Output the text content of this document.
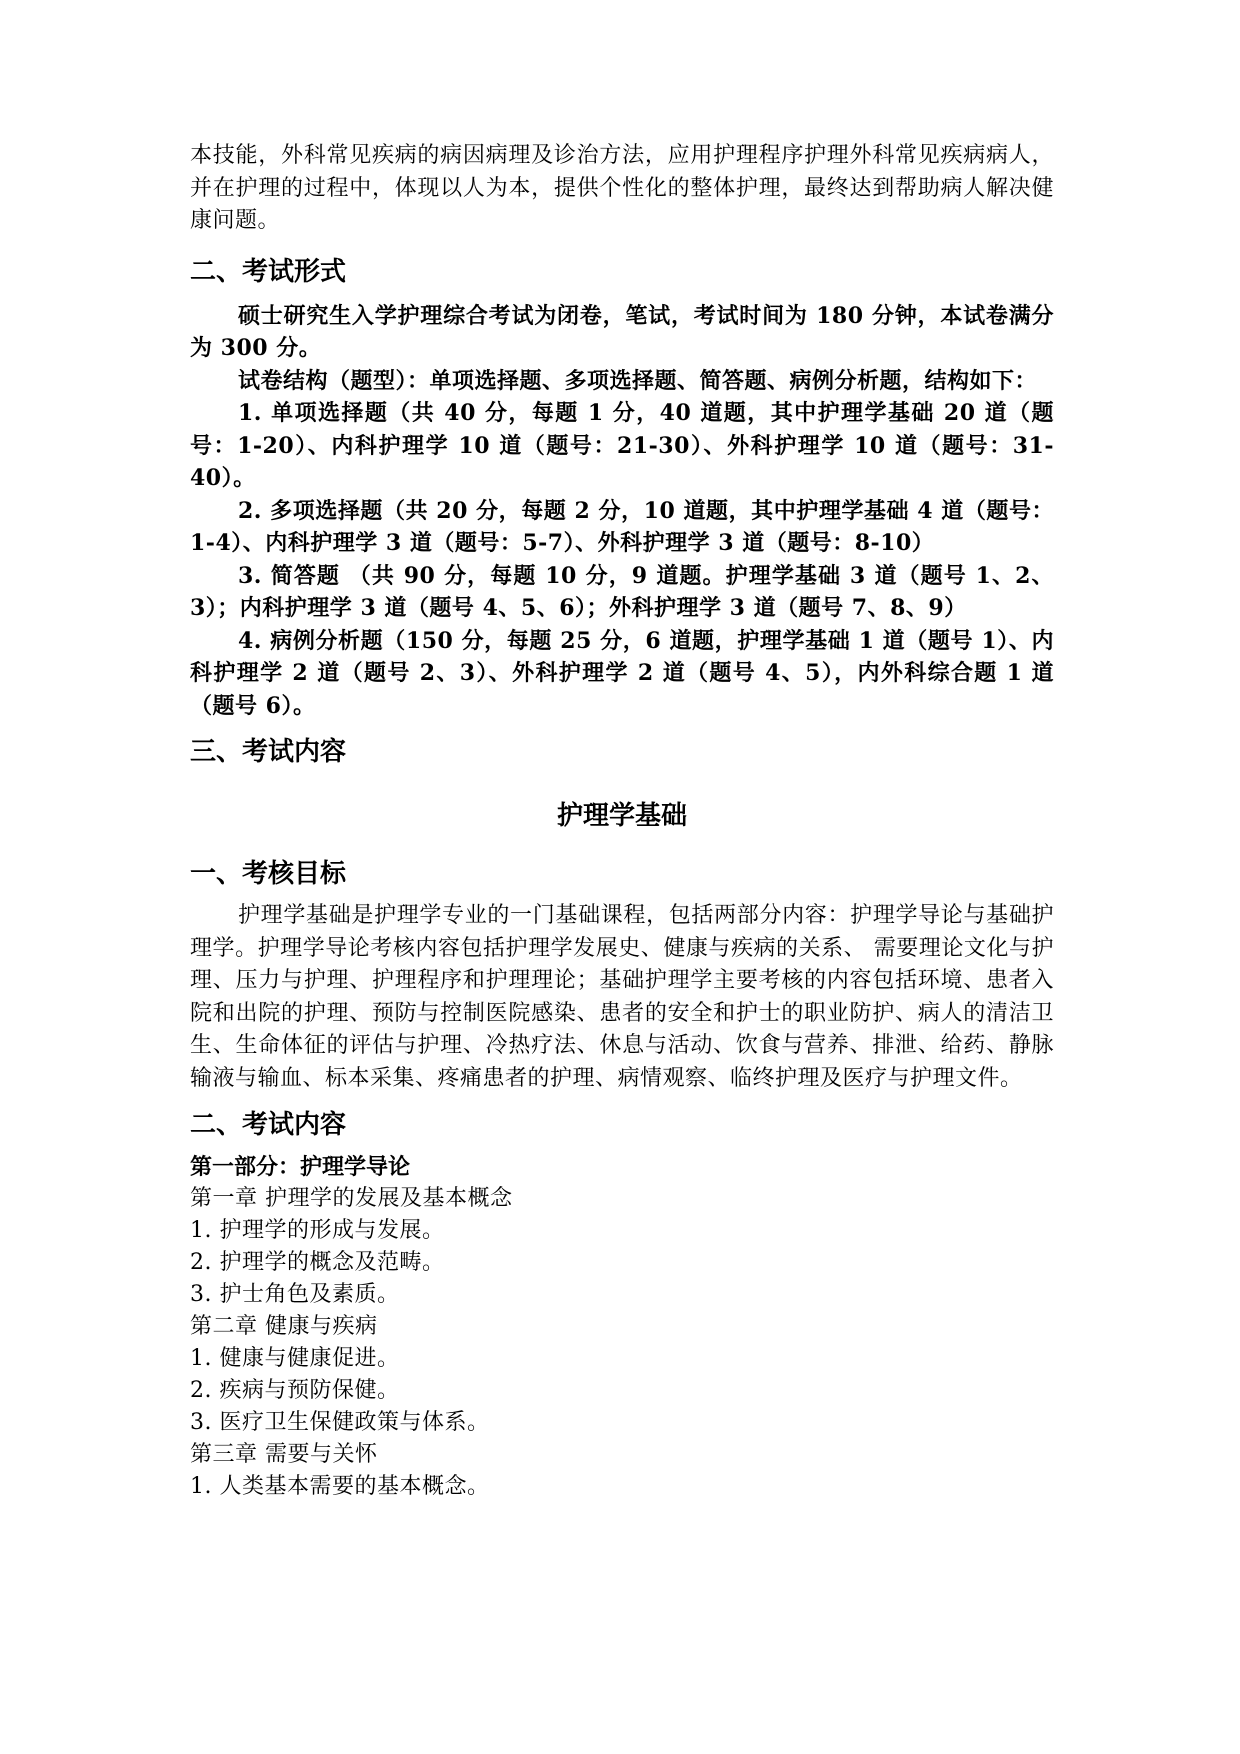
本技能，外科常见疾病的病因病理及诊治方法，应用护理程序护理外科常见疾病病人，并在护理的过程中，体现以人为本，提供个性化的整体护理，最终达到帮助病人解决健康问题。

二、考试形式

硕士研究生入学护理综合考试为闭卷，笔试，考试时间为 180 分钟，本试卷满分为 300 分。

试卷结构（题型）：单项选择题、多项选择题、简答题、病例分析题，结构如下：

1. 单项选择题（共 40 分，每题 1 分，40 道题，其中护理学基础 20 道（题号：1-20）、内科护理学 10 道（题号：21-30）、外科护理学 10 道（题号：31-40）。

2. 多项选择题（共 20 分，每题 2 分，10 道题，其中护理学基础 4 道（题号：1-4）、内科护理学 3 道（题号：5-7）、外科护理学 3 道（题号：8-10）

3. 简答题 （共 90 分，每题 10 分，9 道题。护理学基础 3 道（题号 1、2、3）；内科护理学 3 道（题号 4、5、6）；外科护理学 3 道（题号 7、8、9）

4. 病例分析题（150 分，每题 25 分，6 道题，护理学基础 1 道（题号 1）、内科护理学 2 道（题号 2、3）、外科护理学 2 道（题号 4、5），内外科综合题 1 道（题号 6）。

三、考试内容
护理学基础
一、考核目标

护理学基础是护理学专业的一门基础课程，包括两部分内容：护理学导论与基础护理学。护理学导论考核内容包括护理学发展史、健康与疾病的关系、 需要理论文化与护理、压力与护理、护理程序和护理理论；基础护理学主要考核的内容包括环境、患者入院和出院的护理、预防与控制医院感染、患者的安全和护士的职业防护、病人的清洁卫生、生命体征的评估与护理、冷热疗法、休息与活动、饮食与营养、排泄、给药、静脉输液与输血、标本采集、疼痛患者的护理、病情观察、临终护理及医疗与护理文件。

二、考试内容

第一部分：护理学导论

第一章 护理学的发展及基本概念

1. 护理学的形成与发展。

2. 护理学的概念及范畴。

3. 护士角色及素质。

第二章 健康与疾病

1. 健康与健康促进。

2. 疾病与预防保健。

3. 医疗卫生保健政策与体系。

第三章 需要与关怀

1. 人类基本需要的基本概念。
